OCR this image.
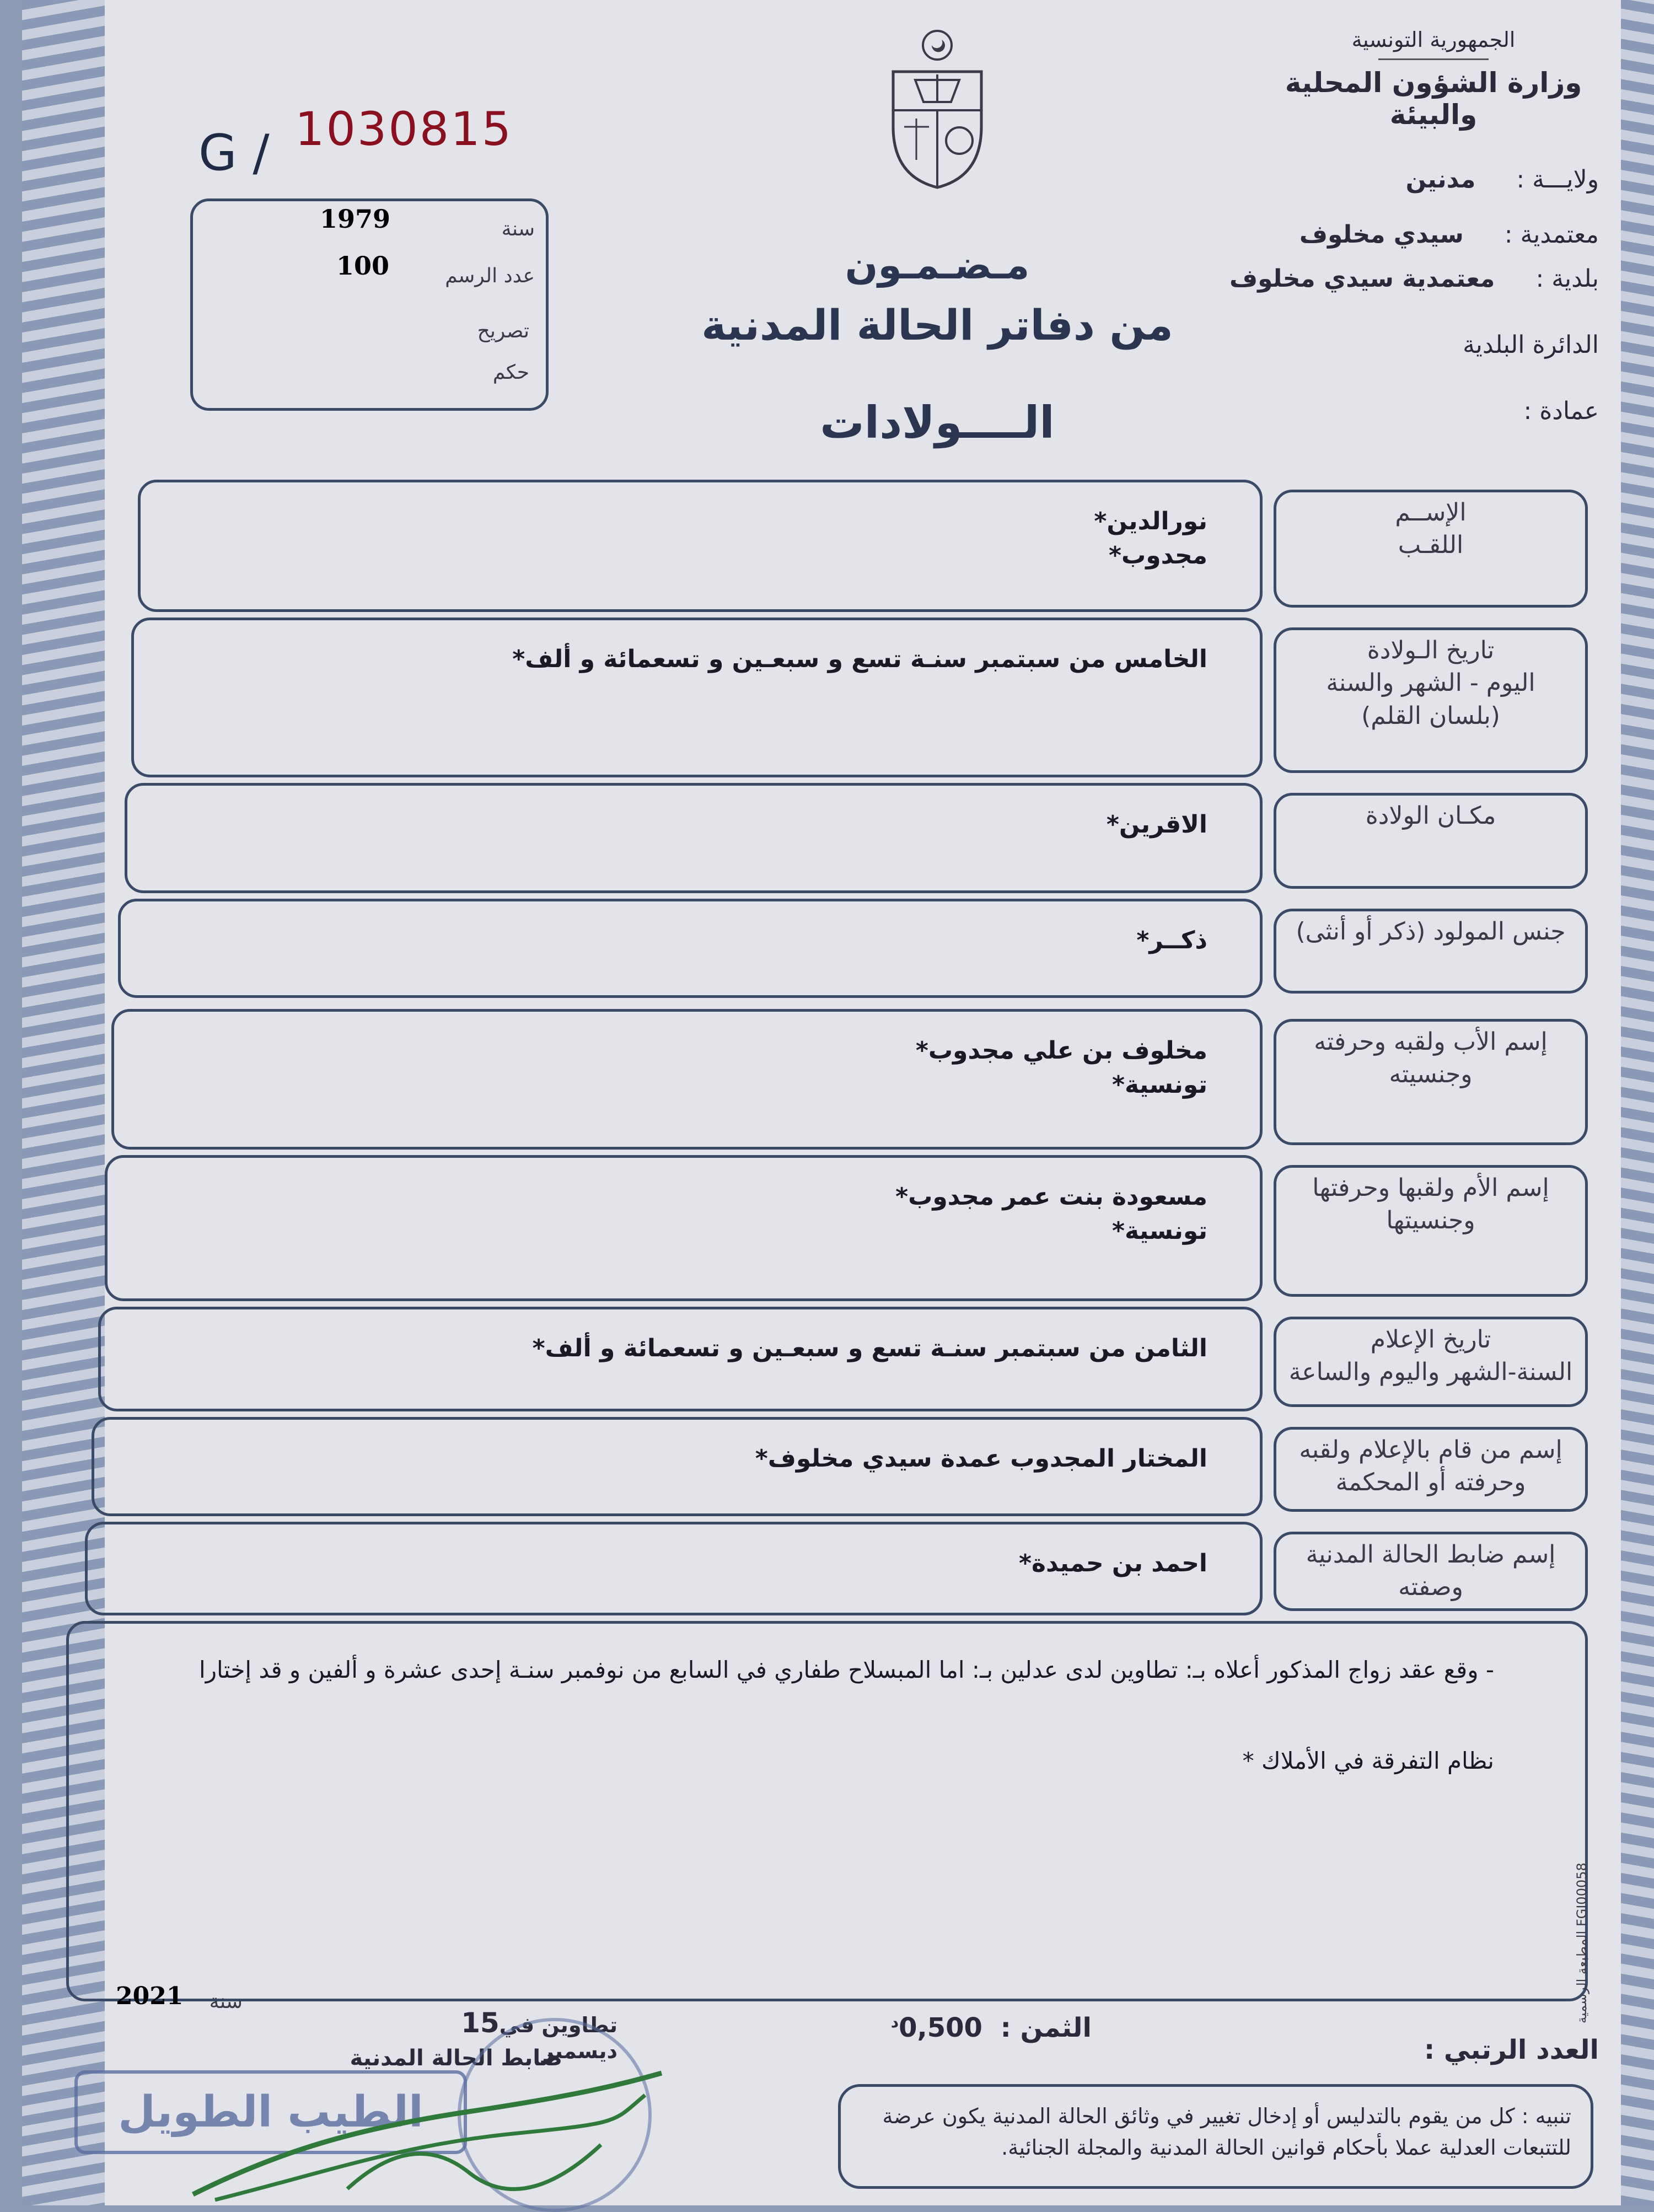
الجمهورية التونسية
وزارة الشؤون المحلية
والبيئة
ولايـــة : مدنين
معتمدية : سيدي مخلوف
بلدية : معتمدية سيدي مخلوف
الدائرة البلدية
عمادة :
G / 1030815
سنة
1979
عدد الرسم
100
تصريح
حكم
مـضـمـون
من دفاتر الحالة المدنية
الــــولادات
الإســم
اللقـب
نورالدين*
مجدوب*
تاريخ الـولادة
اليوم - الشهر والسنة
(بلسان القلم)
الخامس من سبتمبر سنـة تسع و سبعـين و تسعمائة و ألف*
مكـان الولادة
الاقرين*
جنس المولود (ذكر أو أنثى)
ذكــر*
إسم الأب ولقبه وحرفته
وجنسيته
مخلوف بن علي مجدوب*
تونسية*
إسم الأم ولقبها وحرفتها
وجنسيتها
مسعودة بنت عمر مجدوب*
تونسية*
تاريخ الإعلام
السنة-الشهر واليوم والساعة
الثامن من سبتمبر سنـة تسع و سبعـين و تسعمائة و ألف*
إسم من قام بالإعلام ولقبه
وحرفته أو المحكمة
المختار المجدوب عمدة سيدي مخلوف*
إسم ضابط الحالة المدنية
وصفته
احمد بن حميدة*
- وقع عقد زواج المذكور أعلاه بـ: تطاوين لدى عدلين بـ: اما المبسلاح طفاري في السابع من نوفمبر سنـة إحدى عشرة و ألفين و قد إختارا
نظام التفرقة في الأملاك *
المطبعة الرسمية FGI00058
العدد الرتبي :
الثمن : $0,500^د$
سنة
2021
تطاوين في15 ديسمبر
ضابط الحالة المدنية
الطيب الطويل	تنبيه : كل من يقوم بالتدليس أو إدخال تغيير في وثائق الحالة المدنية يكون عرضة للتتبعات العدلية عملا بأحكام قوانين الحالة المدنية والمجلة الجنائية.
